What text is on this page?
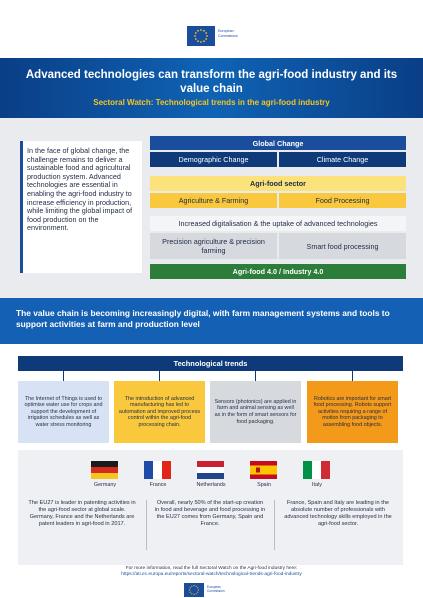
European Commission
Advanced technologies can transform the agri-food industry and its value chain
Sectoral Watch: Technological trends in the agri-food industry
In the face of global change, the challenge remains to deliver a sustainable food and agricultural production system. Advanced technologies are essential in enabling the agri-food industry to increase efficiency in production, while limiting the global impact of food production on the environment.
Global Change
Demographic Change	Climate Change
Agri-food sector
Agriculture & Farming	Food Processing
Increased digitalisation & the uptake of advanced technologies
Precision agriculture & precision farming	Smart food processing
Agri-food 4.0 / Industry 4.0
The value chain is becoming increasingly digital, with farm management systems and tools to support activities at farm and production level
Technological trends
The Internet of Things is used to optimise water use for crops and support the development of irrigation schedules as well as water stress monitoring
The introduction of advanced manufacturing has led to automation and improved process control within the agri-food processing chain.
Sensors (photonics) are applied in farm and animal sensing as well as in the form of smart sensors for food packaging.
Robotics are important for smart food processing. Robots support activities requiring a range of motion from packaging to assembling food objects.
Germany	France	Netherlands	Spain	Italy
The EU27 is leader in patenting activities in the agri-food sector at global scale. Germany, France and the Netherlands are patent leaders in agri-food in 2017.
Overall, nearly 50% of the start-up creation in food and beverage and food processing in the EU27 comes from Germany, Spain and France.
France, Spain and Italy are leading in the absolute number of professionals with advanced technology skills employed in the agri-food sector.
For more information, read the full Sectoral Watch on the Agri-food industry here:
https://ati.ec.europa.eu/reports/sectoral-watch/technological-trends-agri-food-industry
European Commission
